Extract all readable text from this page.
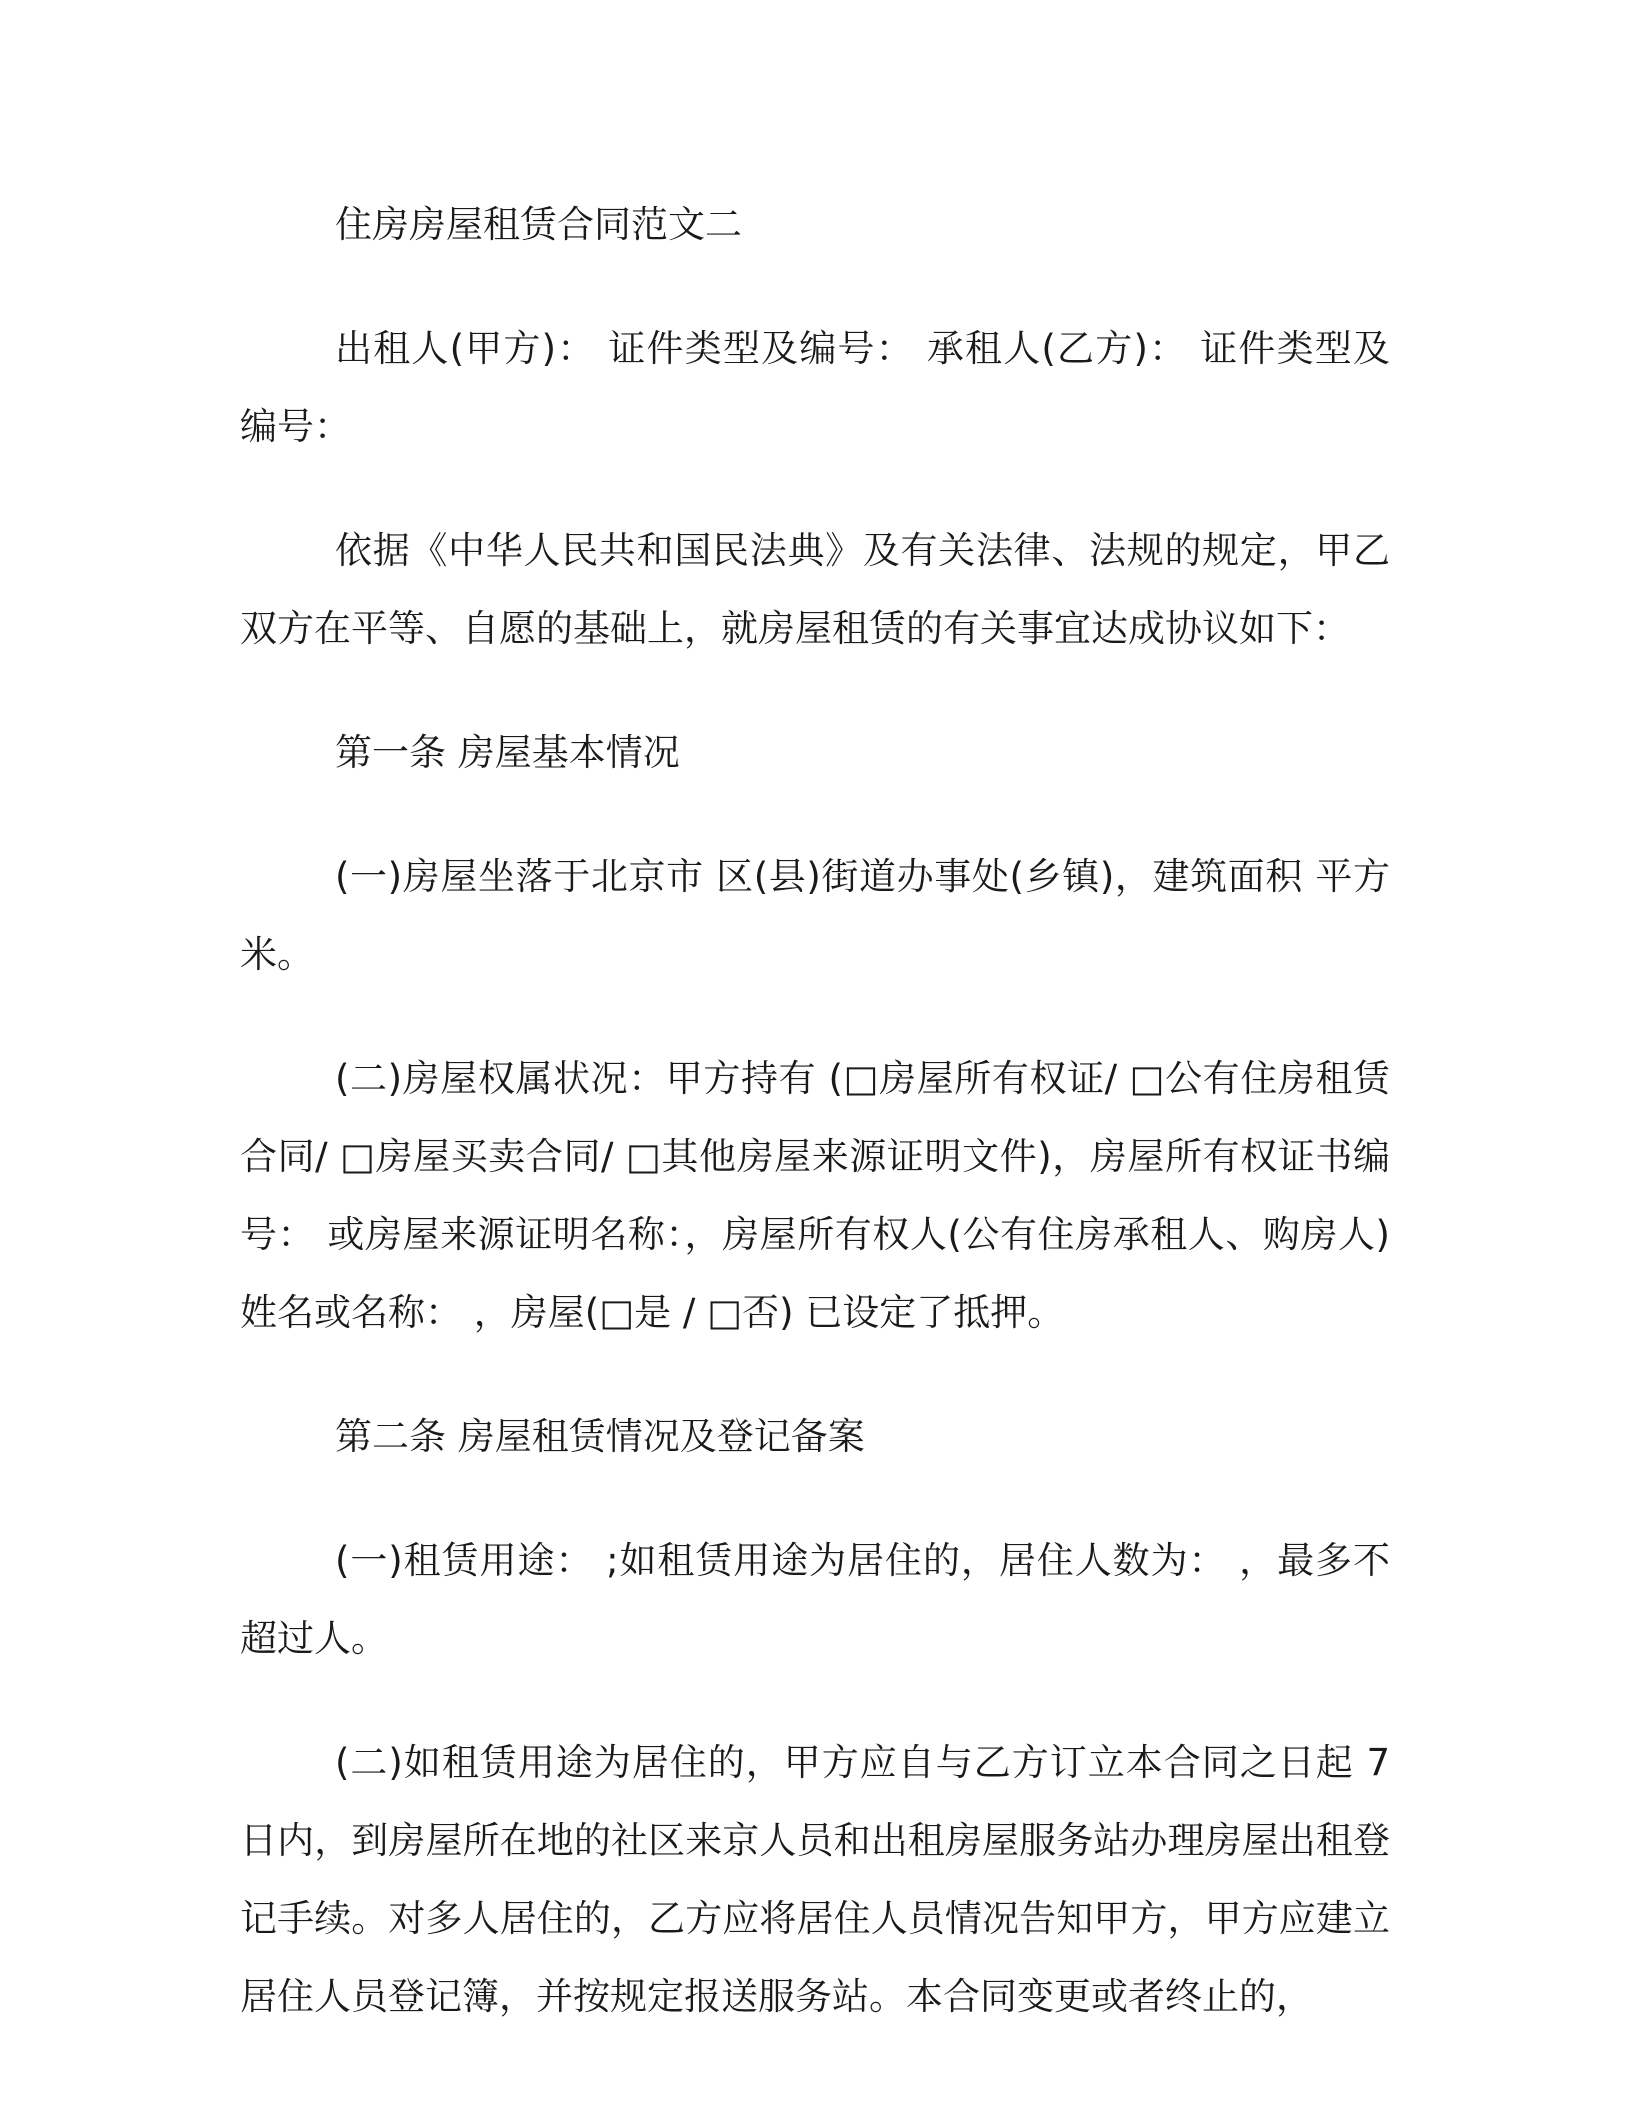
住房房屋租赁合同范文二

出租人(甲方)： 证件类型及编号： 承租人(乙方)： 证件类型及编号：

依据《中华人民共和国民法典》及有关法律、法规的规定，甲乙双方在平等、自愿的基础上，就房屋租赁的有关事宜达成协议如下：

第一条 房屋基本情况

(一)房屋坐落于北京市 区(县)街道办事处(乡镇)，建筑面积 平方米。

(二)房屋权属状况：甲方持有 (□房屋所有权证/ □公有住房租赁合同/ □房屋买卖合同/ □其他房屋来源证明文件)，房屋所有权证书编号： 或房屋来源证明名称：，房屋所有权人(公有住房承租人、购房人)姓名或名称： ，房屋(□是 / □否) 已设定了抵押。

第二条 房屋租赁情况及登记备案

(一)租赁用途： ;如租赁用途为居住的，居住人数为： ，最多不超过人。

(二)如租赁用途为居住的，甲方应自与乙方订立本合同之日起 7 日内，到房屋所在地的社区来京人员和出租房屋服务站办理房屋出租登记手续。对多人居住的，乙方应将居住人员情况告知甲方，甲方应建立居住人员登记簿，并按规定报送服务站。本合同变更或者终止的，
